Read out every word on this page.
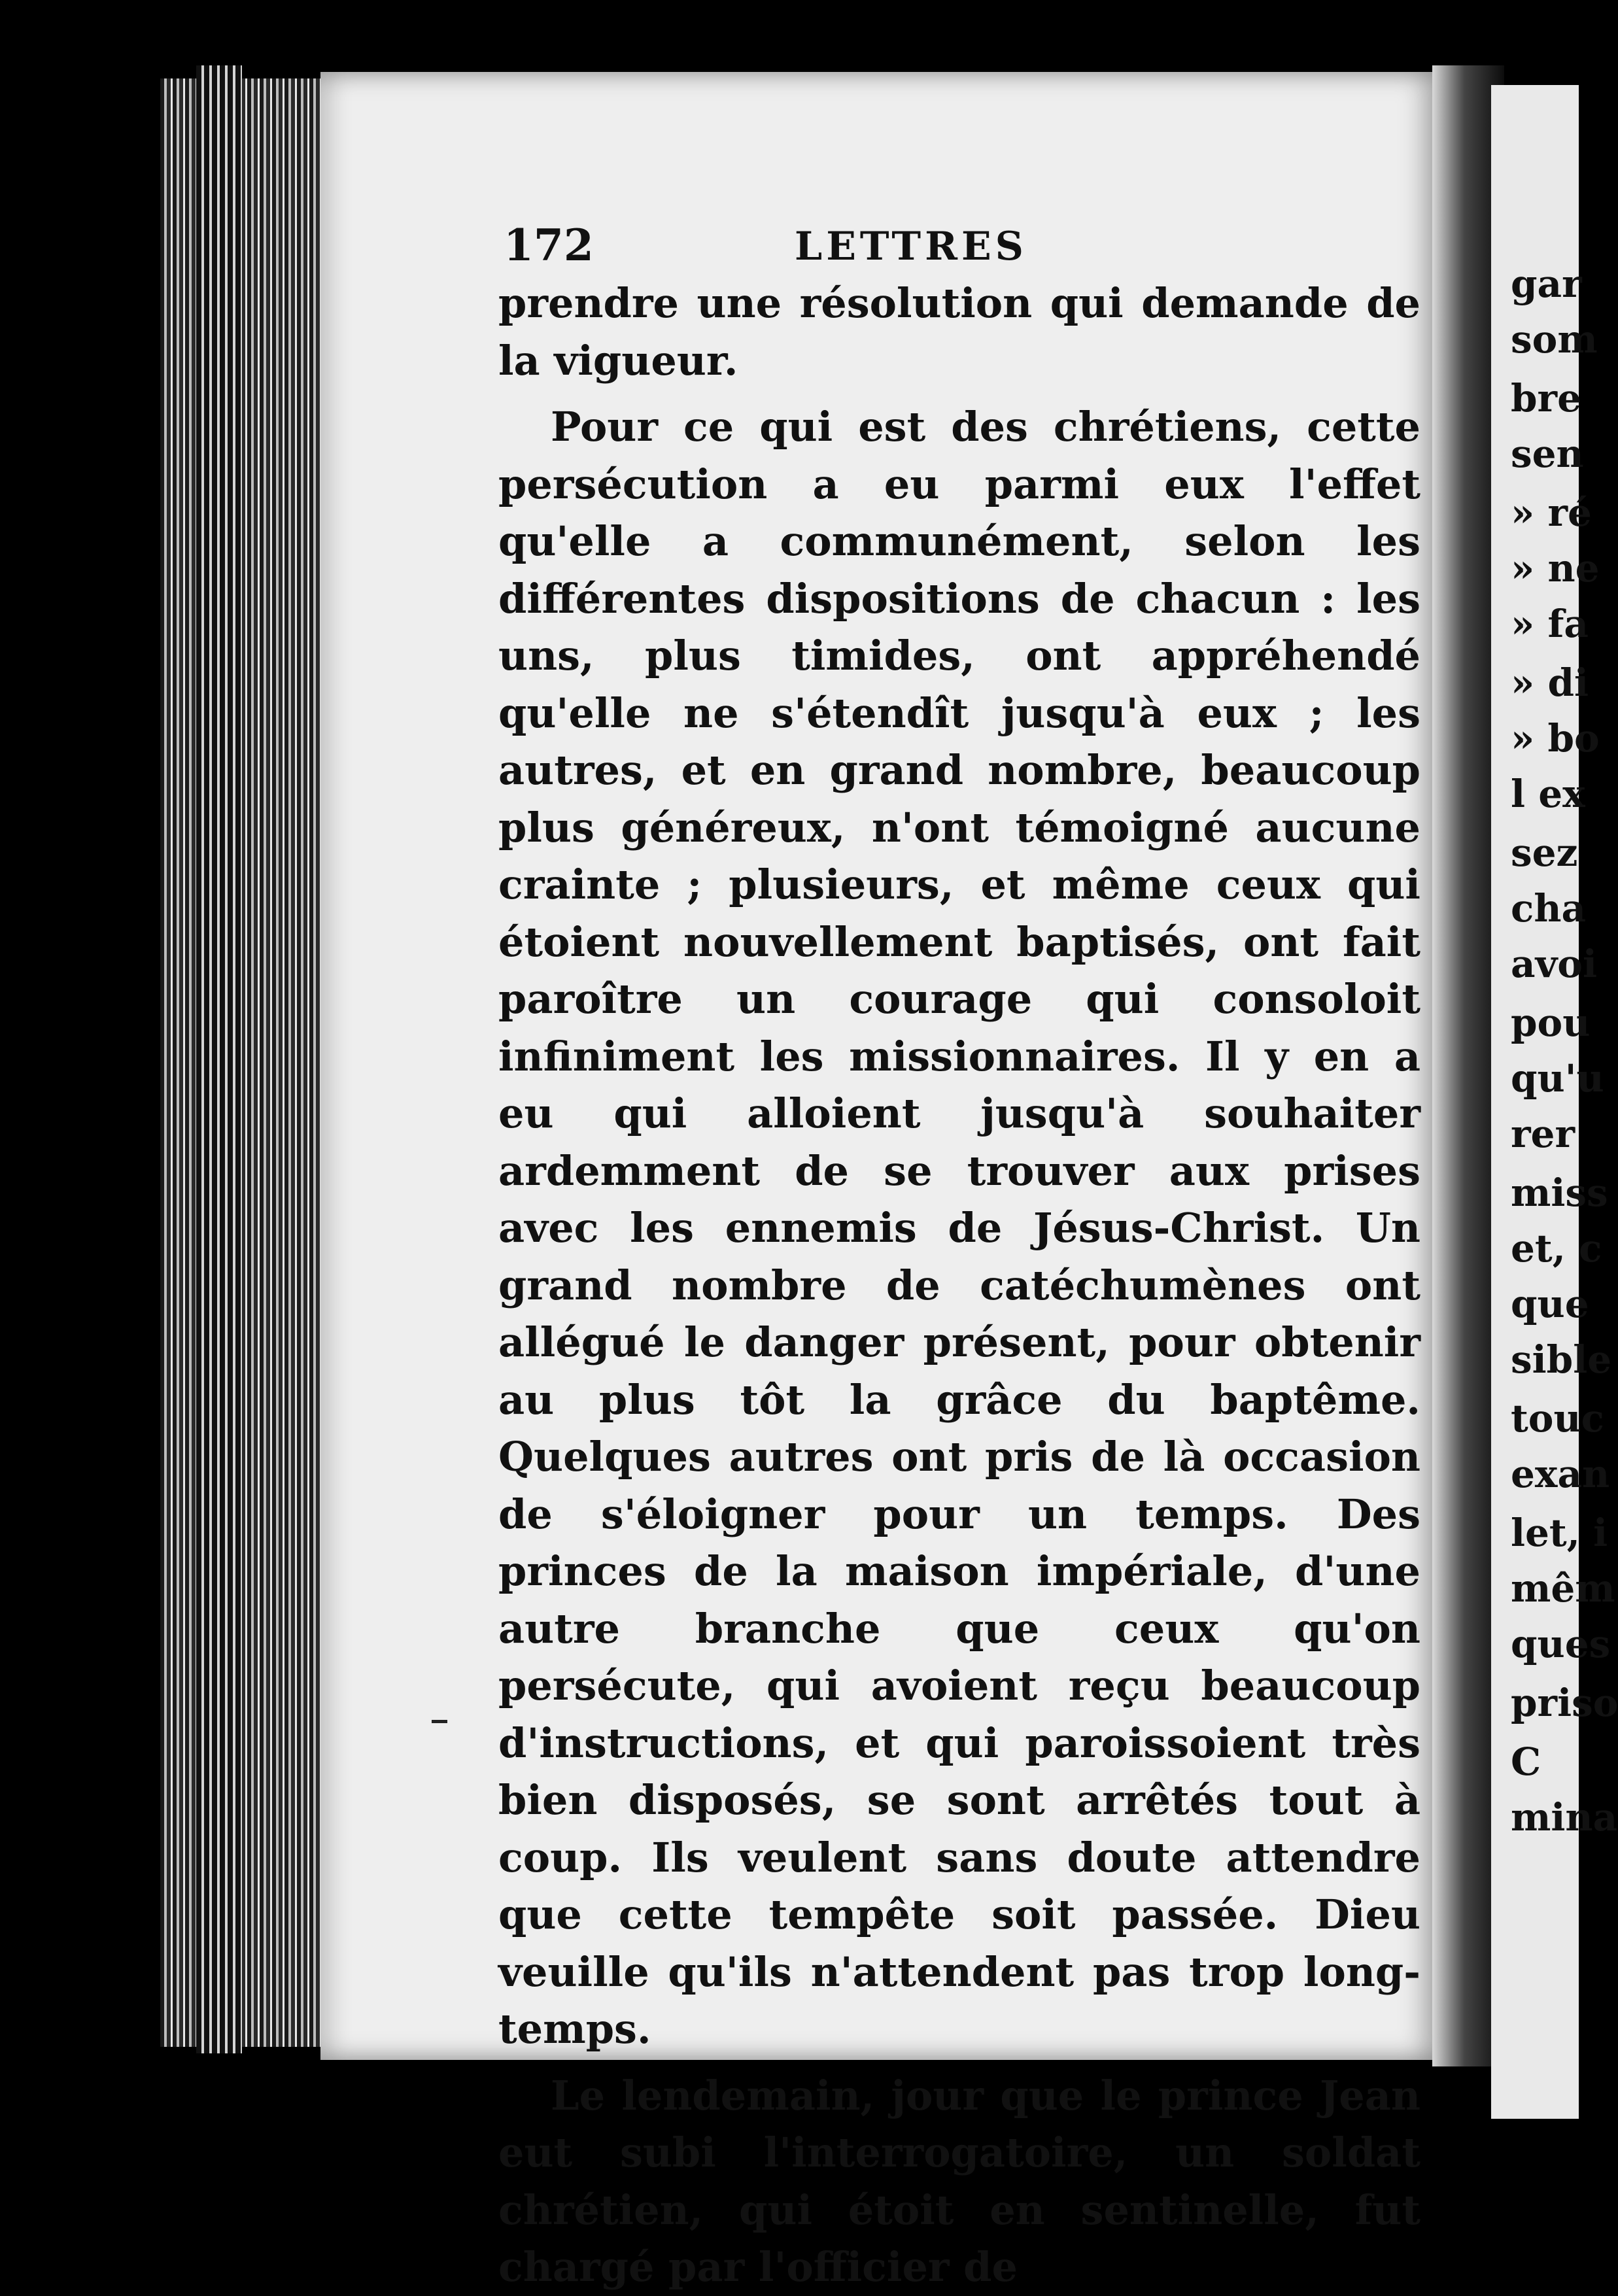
172	LETTRES

prendre une résolution qui demande de la vigueur.

Pour ce qui est des chrétiens, cette persécution a eu parmi eux l'effet qu'elle a communément, selon les différentes dispositions de chacun : les uns, plus timides, ont appréhendé qu'elle ne s'étendît jusqu'à eux ; les autres, et en grand nombre, beaucoup plus généreux, n'ont témoigné aucune crainte ; plusieurs, et même ceux qui étoient nouvellement baptisés, ont fait paroître un courage qui consoloit infiniment les missionnaires. Il y en a eu qui alloient jusqu'à souhaiter ardemment de se trouver aux prises avec les ennemis de Jésus-Christ. Un grand nombre de catéchumènes ont allégué le danger présent, pour obtenir au plus tôt la grâce du baptême. Quelques autres ont pris de là occasion de s'éloigner pour un temps. Des princes de la maison impériale, d'une autre branche que ceux qu'on persécute, qui avoient reçu beaucoup d'instructions, et qui paroissoient très bien disposés, se sont arrêtés tout à coup. Ils veulent sans doute attendre que cette tempête soit passée. Dieu veuille qu'ils n'attendent pas trop long-temps.

Le lendemain, jour que le prince Jean eut subi l'interrogatoire, un soldat chrétien, qui étoit en sentinelle, fut chargé par l'officier de

gar
som
bre
sen
» ré
» ne
» fa
» di
» bo
l ex
sez
cha
avoi
pou
qu'u
rer
miss
et, c
que
sible
touc
exan
let, i
mêm
ques
priso
C
mina
